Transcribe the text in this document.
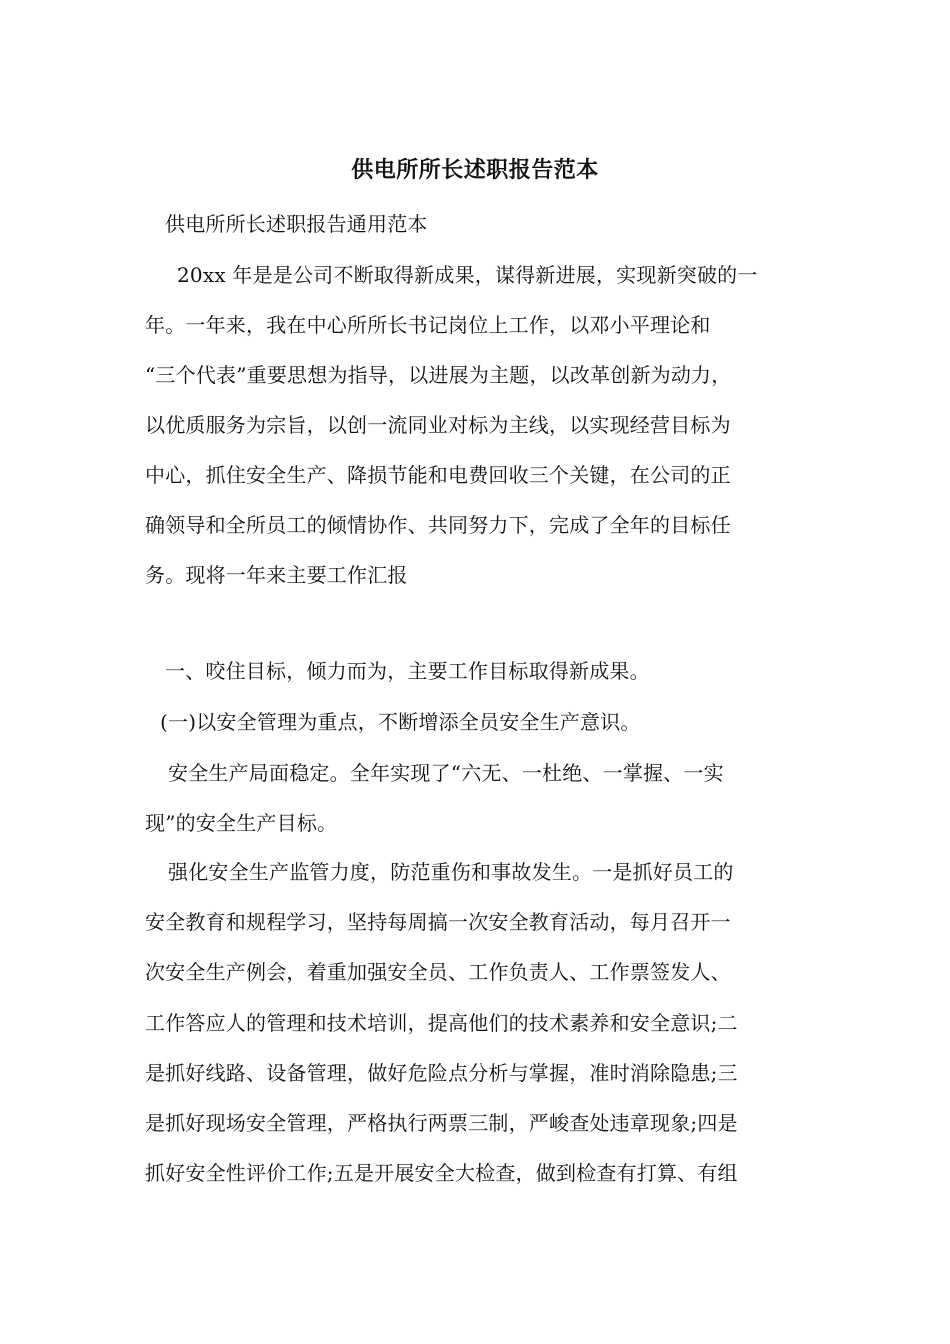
供电所所长述职报告范本
供电所所长述职报告通用范本
20xx 年是是公司不断取得新成果，谋得新进展，实现新突破的一
年。一年来，我在中心所所长书记岗位上工作，以邓小平理论和
“三个代表”重要思想为指导，以进展为主题，以改革创新为动力，
以优质服务为宗旨，以创一流同业对标为主线，以实现经营目标为
中心，抓住安全生产、降损节能和电费回收三个关键，在公司的正
确领导和全所员工的倾情协作、共同努力下，完成了全年的目标任
务。现将一年来主要工作汇报
一、咬住目标，倾力而为，主要工作目标取得新成果。
(一)以安全管理为重点，不断增添全员安全生产意识。
安全生产局面稳定。全年实现了“六无、一杜绝、一掌握、一实
现”的安全生产目标。
强化安全生产监管力度，防范重伤和事故发生。一是抓好员工的
安全教育和规程学习，坚持每周搞一次安全教育活动，每月召开一
次安全生产例会，着重加强安全员、工作负责人、工作票签发人、
工作答应人的管理和技术培训，提高他们的技术素养和安全意识;二
是抓好线路、设备管理，做好危险点分析与掌握，准时消除隐患;三
是抓好现场安全管理，严格执行两票三制，严峻查处违章现象;四是
抓好安全性评价工作;五是开展安全大检查，做到检查有打算、有组
